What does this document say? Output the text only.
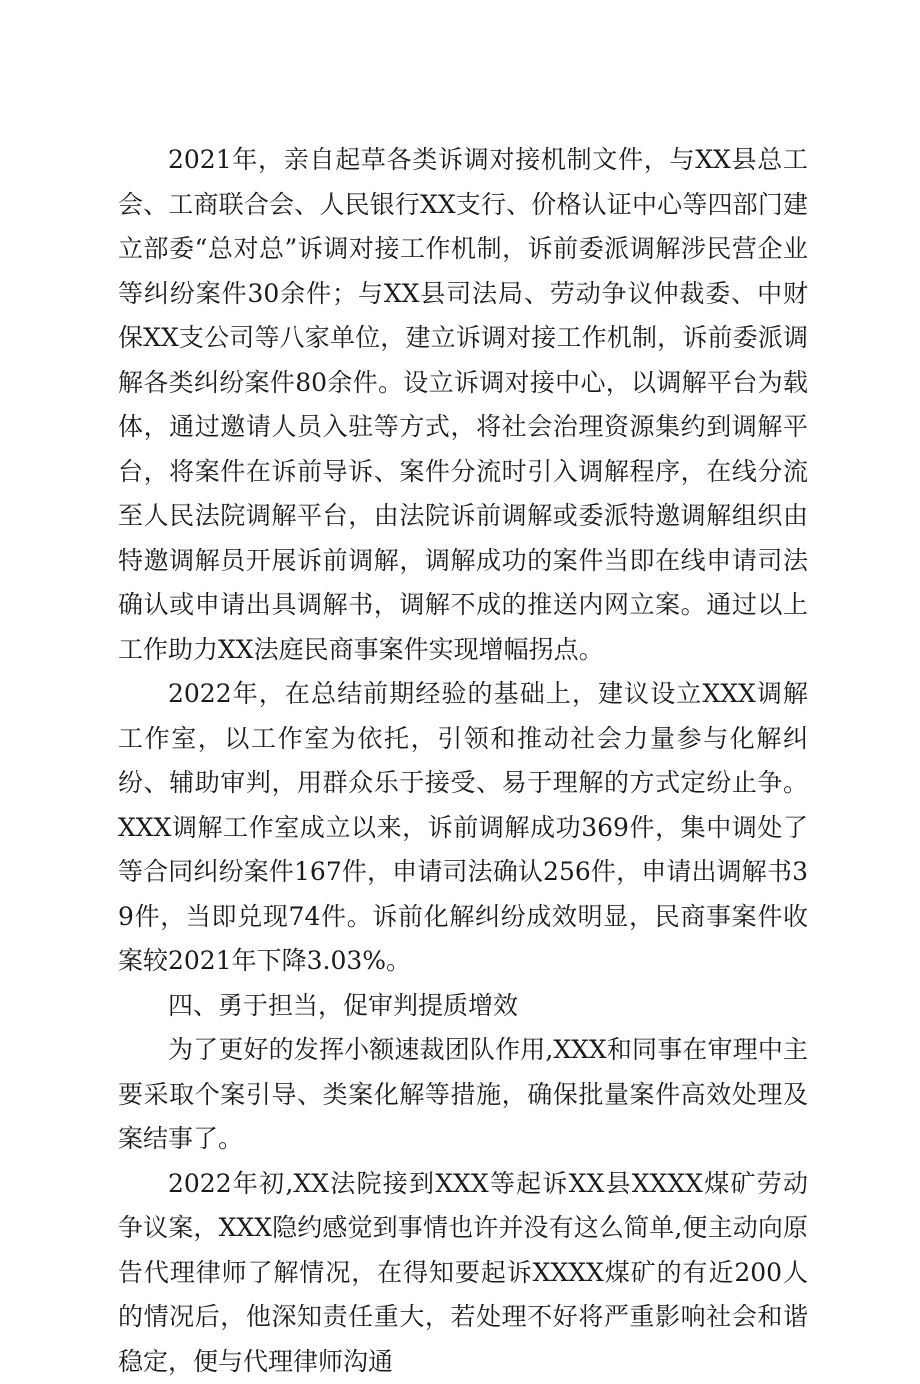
2021年，亲自起草各类诉调对接机制文件，与XX县总工会、工商联合会、人民银行XX支行、价格认证中心等四部门建立部委“总对总”诉调对接工作机制，诉前委派调解涉民营企业等纠纷案件30余件；与XX县司法局、劳动争议仲裁委、中财保XX支公司等八家单位，建立诉调对接工作机制，诉前委派调解各类纠纷案件80余件。设立诉调对接中心，以调解平台为载体，通过邀请人员入驻等方式，将社会治理资源集约到调解平台，将案件在诉前导诉、案件分流时引入调解程序，在线分流至人民法院调解平台，由法院诉前调解或委派特邀调解组织由特邀调解员开展诉前调解，调解成功的案件当即在线申请司法确认或申请出具调解书，调解不成的推送内网立案。通过以上工作助力XX法庭民商事案件实现增幅拐点。

2022年，在总结前期经验的基础上，建议设立XXX调解工作室，以工作室为依托，引领和推动社会力量参与化解纠纷、辅助审判，用群众乐于接受、易于理解的方式定纷止争。XXX调解工作室成立以来，诉前调解成功369件，集中调处了等合同纠纷案件167件，申请司法确认256件，申请出调解书39件，当即兑现74件。诉前化解纠纷成效明显，民商事案件收案较2021年下降3.03%。

四、勇于担当，促审判提质增效

为了更好的发挥小额速裁团队作用,XXX和同事在审理中主要采取个案引导、类案化解等措施，确保批量案件高效处理及案结事了。

2022年初,XX法院接到XXX等起诉XX县XXXX煤矿劳动争议案，XXX隐约感觉到事情也许并没有这么简单,便主动向原告代理律师了解情况，在得知要起诉XXXX煤矿的有近200人的情况后，他深知责任重大，若处理不好将严重影响社会和谐稳定，便与代理律师沟通
